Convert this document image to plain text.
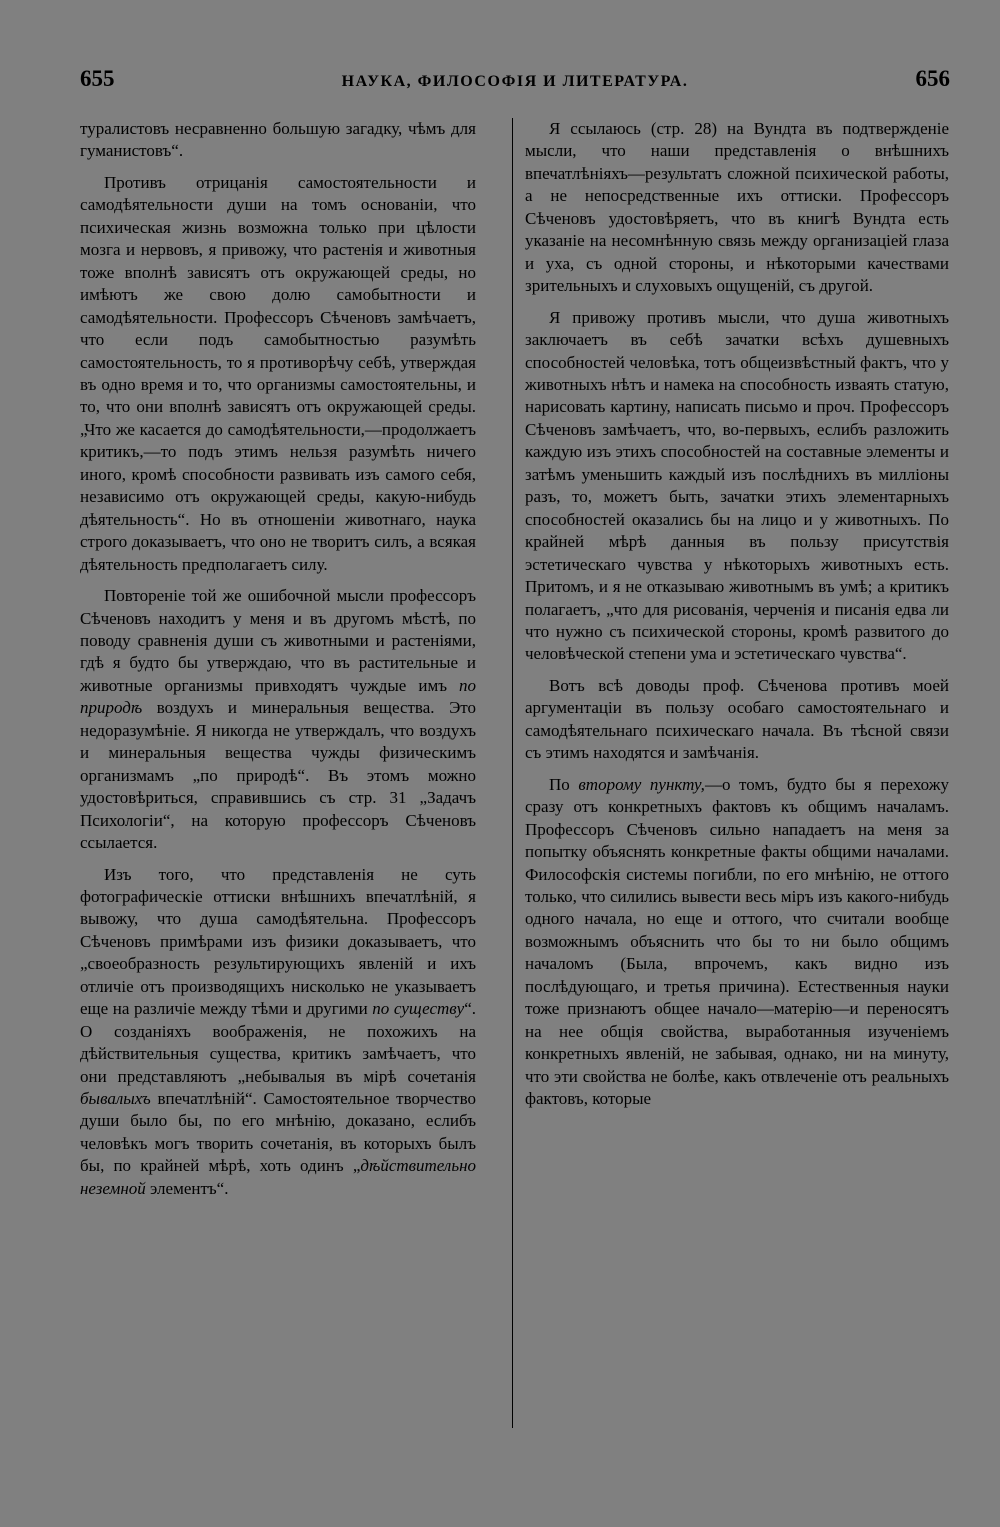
655	НАУКА, ФИЛОСОФІЯ И ЛИТЕРАТУРА.	656

туралистовъ несравненно большую загадку, чѣмъ для гуманистовъ“.

Противъ отрицанія самостоятельности и самодѣятельности души на томъ основаніи, что психическая жизнь возможна только при цѣлости мозга и нервовъ, я привожу, что растенія и животныя тоже вполнѣ зависятъ отъ окружающей среды, но имѣютъ же свою долю самобытности и самодѣятельности. Профессоръ Сѣченовъ замѣчаетъ, что если подъ самобытностью разумѣть самостоятельность, то я противорѣчу себѣ, утверждая въ одно время и то, что организмы самостоятельны, и то, что они вполнѣ зависятъ отъ окружающей среды. „Что же касается до самодѣятельности,—продолжаетъ критикъ,—то подъ этимъ нельзя разумѣть ничего иного, кромѣ способности развивать изъ самого себя, независимо отъ окружающей среды, какую-нибудь дѣятельность“. Но въ отношеніи животнаго, наука строго доказываетъ, что оно не творитъ силъ, а всякая дѣятельность предполагаетъ силу.

Повтореніе той же ошибочной мысли профессоръ Сѣченовъ находитъ у меня и въ другомъ мѣстѣ, по поводу сравненія души съ животными и растеніями, гдѣ я будто бы утверждаю, что въ растительные и животные организмы привходятъ чуждые имъ по природѣ воздухъ и минеральныя вещества. Это недоразумѣніе. Я никогда не утверждалъ, что воздухъ и минеральныя вещества чужды физическимъ организмамъ „по природѣ“. Въ этомъ можно удостовѣриться, справившись съ стр. 31 „Задачъ Психологіи“, на которую профессоръ Сѣченовъ ссылается.

Изъ того, что представленія не суть фотографическіе оттиски внѣшнихъ впечатлѣній, я вывожу, что душа самодѣятельна. Профессоръ Сѣченовъ примѣрами изъ физики доказываетъ, что „своеобразность результирующихъ явленій и ихъ отличіе отъ производящихъ нисколько не указываетъ еще на различіе между тѣми и другими по существу“. О созданіяхъ воображенія, не похожихъ на дѣйствительныя существа, критикъ замѣчаетъ, что они представляютъ „небывалыя въ мірѣ сочетанія бывалыхъ впечатлѣній“. Самостоятельное творчество души было бы, по его мнѣнію, доказано, еслибъ человѣкъ могъ творить сочетанія, въ которыхъ былъ бы, по крайней мѣрѣ, хоть одинъ „дѣйствительно неземной элементъ“.

Я ссылаюсь (стр. 28) на Вундта въ подтвержденіе мысли, что наши представленія о внѣшнихъ впечатлѣніяхъ—результатъ сложной психической работы, а не непосредственные ихъ оттиски. Профессоръ Сѣченовъ удостовѣряетъ, что въ книгѣ Вундта есть указаніе на несомнѣнную связь между организаціей глаза и уха, съ одной стороны, и нѣкоторыми качествами зрительныхъ и слуховыхъ ощущеній, съ другой.

Я привожу противъ мысли, что душа животныхъ заключаетъ въ себѣ зачатки всѣхъ душевныхъ способностей человѣка, тотъ общеизвѣстный фактъ, что у животныхъ нѣтъ и намека на способность изваять статую, нарисовать картину, написать письмо и проч. Профессоръ Сѣченовъ замѣчаетъ, что, во-первыхъ, еслибъ разложить каждую изъ этихъ способностей на составные элементы и затѣмъ уменьшить каждый изъ послѣднихъ въ милліоны разъ, то, можетъ быть, зачатки этихъ элементарныхъ способностей оказались бы на лицо и у животныхъ. По крайней мѣрѣ данныя въ пользу присутствія эстетическаго чувства у нѣкоторыхъ животныхъ есть. Притомъ, и я не отказываю животнымъ въ умѣ; а критикъ полагаетъ, „что для рисованія, черченія и писанія едва ли что нужно съ психической стороны, кромѣ развитого до человѣческой степени ума и эстетическаго чувства“.

Вотъ всѣ доводы проф. Сѣченова противъ моей аргументаціи въ пользу особаго самостоятельнаго и самодѣятельнаго психическаго начала. Въ тѣсной связи съ этимъ находятся и замѣчанія.

По второму пункту,—о томъ, будто бы я перехожу сразу отъ конкретныхъ фактовъ къ общимъ началамъ. Профессоръ Сѣченовъ сильно нападаетъ на меня за попытку объяснять конкретные факты общими началами. Философскія системы погибли, по его мнѣнію, не оттого только, что силились вывести весь міръ изъ какого-нибудь одного начала, но еще и оттого, что считали вообще возможнымъ объяснить что бы то ни было общимъ началомъ (Была, впрочемъ, какъ видно изъ послѣдующаго, и третья причина). Естественныя науки тоже признаютъ общее начало—матерію—и переносятъ на нее общія свойства, выработанныя изученіемъ конкретныхъ явленій, не забывая, однако, ни на минуту, что эти свойства не болѣе, какъ отвлеченіе отъ реальныхъ фактовъ, которые
